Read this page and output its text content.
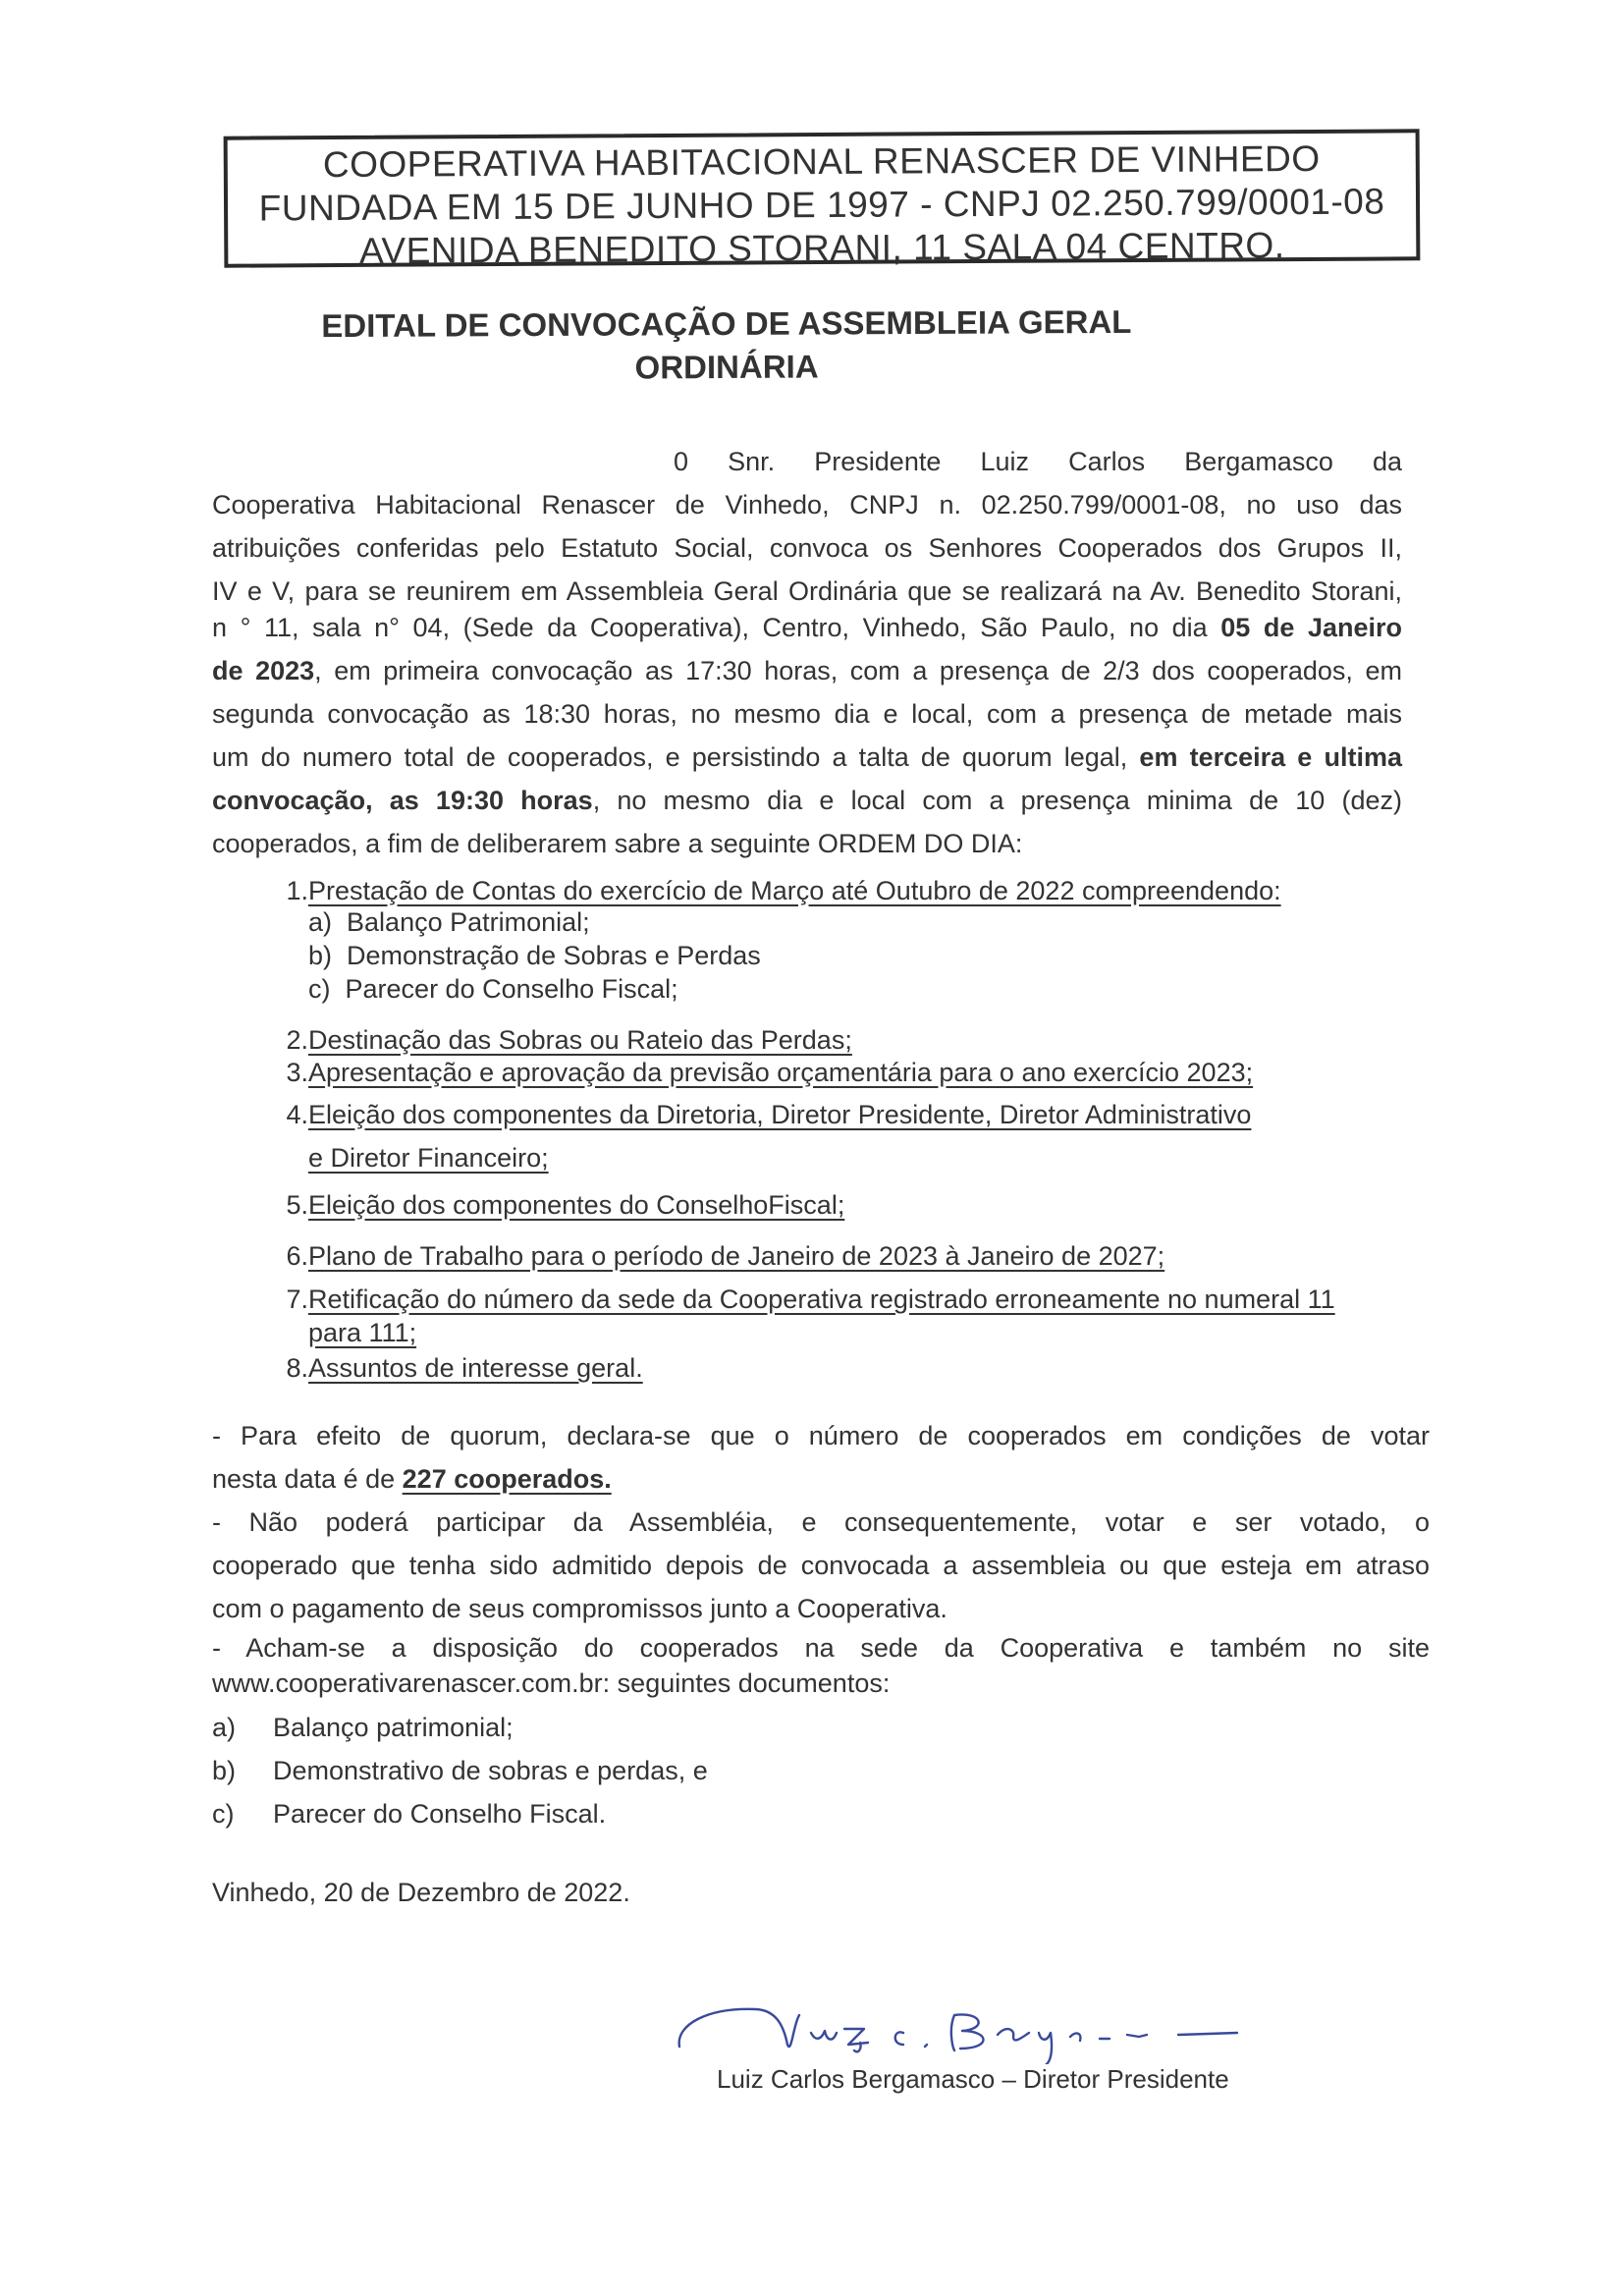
COOPERATIVA HABITACIONAL RENASCER DE VINHEDO
FUNDADA EM 15 DE JUNHO DE 1997 - CNPJ 02.250.799/0001-08
AVENIDA BENEDITO STORANI, 11 SALA 04 CENTRO.
EDITAL DE CONVOCAÇÃO DE ASSEMBLEIA GERAL
ORDINÁRIA
0 Snr. Presidente Luiz Carlos Bergamasco da
Cooperativa Habitacional Renascer de Vinhedo, CNPJ n. 02.250.799/0001-08, no uso das
atribuições conferidas pelo Estatuto Social, convoca os Senhores Cooperados dos Grupos II,
IV e V, para se reunirem em Assembleia Geral Ordinária que se realizará na Av. Benedito Storani,
n ° 11, sala n° 04, (Sede da Cooperativa), Centro, Vinhedo, São Paulo, no dia 05 de Janeiro
de 2023, em primeira convocação as 17:30 horas, com a presença de 2/3 dos cooperados, em
segunda convocação as 18:30 horas, no mesmo dia e local, com a presença de metade mais
um do numero total de cooperados, e persistindo a talta de quorum legal, em terceira e ultima
convocação, as 19:30 horas, no mesmo dia e local com a presença minima de 10 (dez)
cooperados, a fim de deliberarem sabre a seguinte ORDEM DO DIA:
1. Prestação de Contas do exercício de Março até Outubro de 2022 compreendendo:
a) Balanço Patrimonial;
b) Demonstração de Sobras e Perdas
c) Parecer do Conselho Fiscal;
2. Destinação das Sobras ou Rateio das Perdas;
3. Apresentação e aprovação da previsão orçamentária para o ano exercício 2023;
4. Eleição dos componentes da Diretoria, Diretor Presidente, Diretor Administrativo
e Diretor Financeiro;
5. Eleição dos componentes do ConselhoFiscal;
6. Plano de Trabalho para o período de Janeiro de 2023 à Janeiro de 2027;
7. Retificação do número da sede da Cooperativa registrado erroneamente no numeral 11
para 111;
8. Assuntos de interesse geral.
- Para efeito de quorum, declara-se que o número de cooperados em condições de votar
nesta data é de 227 cooperados.
- Não poderá participar da Assembléia, e consequentemente, votar e ser votado, o
cooperado que tenha sido admitido depois de convocada a assembleia ou que esteja em atraso
com o pagamento de seus compromissos junto a Cooperativa.
- Acham-se a disposição do cooperados na sede da Cooperativa e também no site
www.cooperativarenascer.com.br: seguintes documentos:
a) Balanço patrimonial;
b) Demonstrativo de sobras e perdas, e
c) Parecer do Conselho Fiscal.
Vinhedo, 20 de Dezembro de 2022.
Luiz Carlos Bergamasco – Diretor Presidente
